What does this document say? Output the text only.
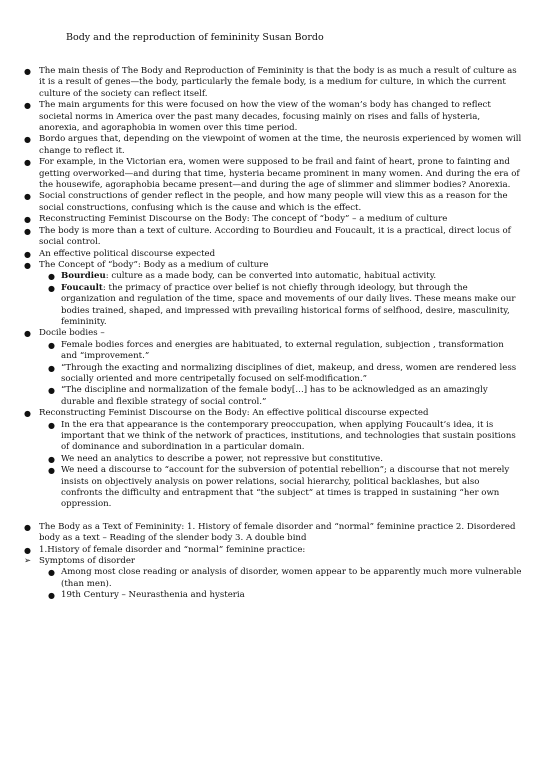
Body and the reproduction of femininity Susan Bordo

● The main thesis of The Body and Reproduction of Femininity is that the body is as much a result of culture as it is a result of genes—the body, particularly the female body, is a medium for culture, in which the current culture of the society can reflect itself.

● The main arguments for this were focused on how the view of the woman’s body has changed to reflect societal norms in America over the past many decades, focusing mainly on rises and falls of hysteria, anorexia, and agoraphobia in women over this time period.

● Bordo argues that, depending on the viewpoint of women at the time, the neurosis experienced by women will change to reflect it.

● For example, in the Victorian era, women were supposed to be frail and faint of heart, prone to fainting and getting overworked—and during that time, hysteria became prominent in many women. And during the era of the housewife, agoraphobia became present—and during the age of slimmer and slimmer bodies? Anorexia.

● Social constructions of gender reflect in the people, and how many people will view this as a reason for the social constructions, confusing which is the cause and which is the effect.

● Reconstructing Feminist Discourse on the Body: The concept of “body” – a medium of culture

● The body is more than a text of culture. According to Bourdieu and Foucault, it is a practical, direct locus of social control.

● An effective political discourse expected

● The Concept of “body”: Body as a medium of culture

● Bourdieu: culture as a made body, can be converted into automatic, habitual activity.

● Foucault: the primacy of practice over belief is not chiefly through ideology, but through the organization and regulation of the time, space and movements of our daily lives. These means make our bodies trained, shaped, and impressed with prevailing historical forms of selfhood, desire, masculinity, femininity.

● Docile bodies –

● Female bodies forces and energies are habituated, to external regulation, subjection , transformation and “improvement.”

● “Through the exacting and normalizing disciplines of diet, makeup, and dress, women are rendered less socially oriented and more centripetally focused on self-modification.”

● “The discipline and normalization of the female body[…] has to be acknowledged as an amazingly durable and flexible strategy of social control.”

● Reconstructing Feminist Discourse on the Body: An effective political discourse expected

● In the era that appearance is the contemporary preoccupation, when applying Foucault’s idea, it is important that we think of the network of practices, institutions, and technologies that sustain positions of dominance and subordination in a particular domain.

● We need an analytics to describe a power, not repressive but constitutive.

● We need a discourse to “account for the subversion of potential rebellion”; a discourse that not merely insists on objectively analysis on power relations, social hierarchy, political backlashes, but also confronts the difficulty and entrapment that “the subject” at times is trapped in sustaining “her own oppression.

● The Body as a Text of Femininity: 1. History of female disorder and “normal” feminine practice 2. Disordered body as a text – Reading of the slender body 3. A double bind

● 1.History of female disorder and “normal” feminine practice:

➢ Symptoms of disorder

● Among most close reading or analysis of disorder, women appear to be apparently much more vulnerable (than men).

● 19th Century – Neurasthenia and hysteria
